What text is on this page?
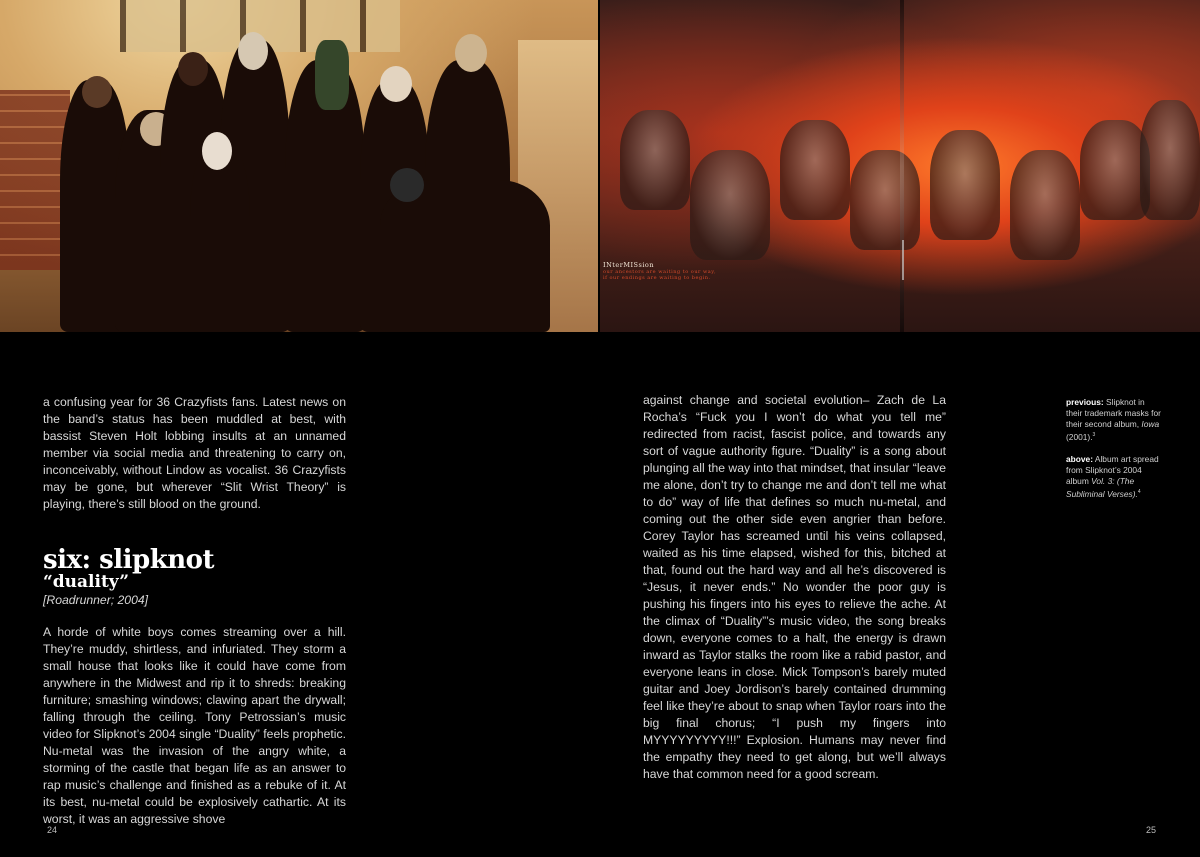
INterMISsion
our ancestors are waiting to our way,
if our endings are waiting to begin.

a confusing year for 36 Crazyfists fans. Latest news on the band’s status has been muddled at best, with bassist Steven Holt lobbing insults at an unnamed member via social media and threatening to carry on, inconceivably, without Lindow as vocalist. 36 Crazyfists may be gone, but wherever “Slit Wrist Theory” is playing, there’s still blood on the ground.

six: slipknot
“duality”
[Roadrunner; 2004]

A horde of white boys comes streaming over a hill. They’re muddy, shirtless, and infuriated. They storm a small house that looks like it could have come from anywhere in the Midwest and rip it to shreds: breaking furniture; smashing windows; clawing apart the drywall; falling through the ceiling. Tony Petrossian’s music video for Slipknot’s 2004 single “Duality” feels prophetic. Nu-metal was the invasion of the angry white, a storming of the castle that began life as an answer to rap music’s challenge and finished as a rebuke of it. At its best, nu-metal could be explosively cathartic. At its worst, it was an aggressive shove

against change and societal evolution– Zach de La Rocha’s “Fuck you I won’t do what you tell me” redirected from racist, fascist police, and towards any sort of vague authority figure. “Duality” is a song about plunging all the way into that mindset, that insular “leave me alone, don’t try to change me and don’t tell me what to do” way of life that defines so much nu-metal, and coming out the other side even angrier than before. Corey Taylor has screamed until his veins collapsed, waited as his time elapsed, wished for this, bitched at that, found out the hard way and all he’s discovered is “Jesus, it never ends.” No wonder the poor guy is pushing his fingers into his eyes to relieve the ache. At the climax of “Duality”’s music video, the song breaks down, everyone comes to a halt, the energy is drawn inward as Taylor stalks the room like a rabid pastor, and everyone leans in close. Mick Tompson’s barely muted guitar and Joey Jordison’s barely contained drumming feel like they’re about to snap when Taylor roars into the big final chorus; “I push my fingers into MYYYYYYYYY!!!” Explosion. Humans may never find the empathy they need to get along, but we’ll always have that common need for a good scream.

previous: Slipknot in their trademark masks for their second album, Iowa (2001).$^3$

above: Album art spread from Slipknot’s 2004 album Vol. 3: (The Subliminal Verses).$^4$

24	25
